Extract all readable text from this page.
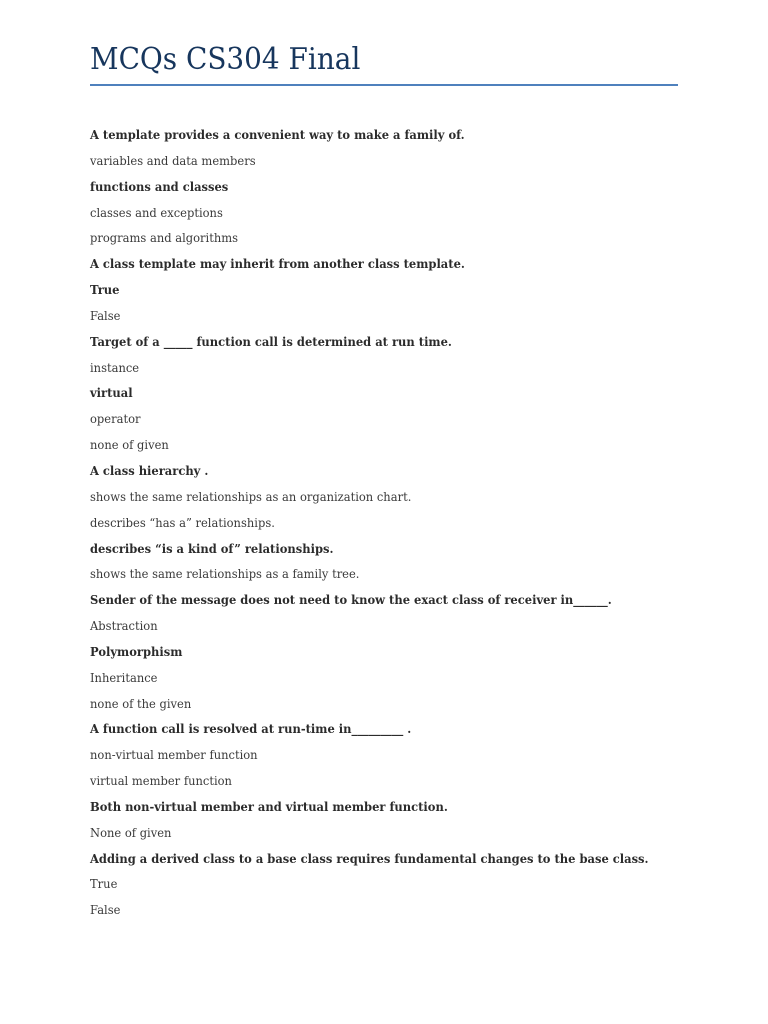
MCQs CS304 Final
A template provides a convenient way to make a family of.
variables and data members
functions and classes
classes and exceptions
programs and algorithms
A class template may inherit from another class template.
True
False
Target of a _____ function call is determined at run time.
instance
virtual
operator
none of given
A class hierarchy .
shows the same relationships as an organization chart.
describes “has a” relationships.
describes “is a kind of” relationships.
shows the same relationships as a family tree.
Sender of the message does not need to know the exact class of receiver in______.
Abstraction
Polymorphism
Inheritance
none of the given
A function call is resolved at run-time in_________ .
non-virtual member function
virtual member function
Both non-virtual member and virtual member function.
None of given
Adding a derived class to a base class requires fundamental changes to the base class.
True
False
